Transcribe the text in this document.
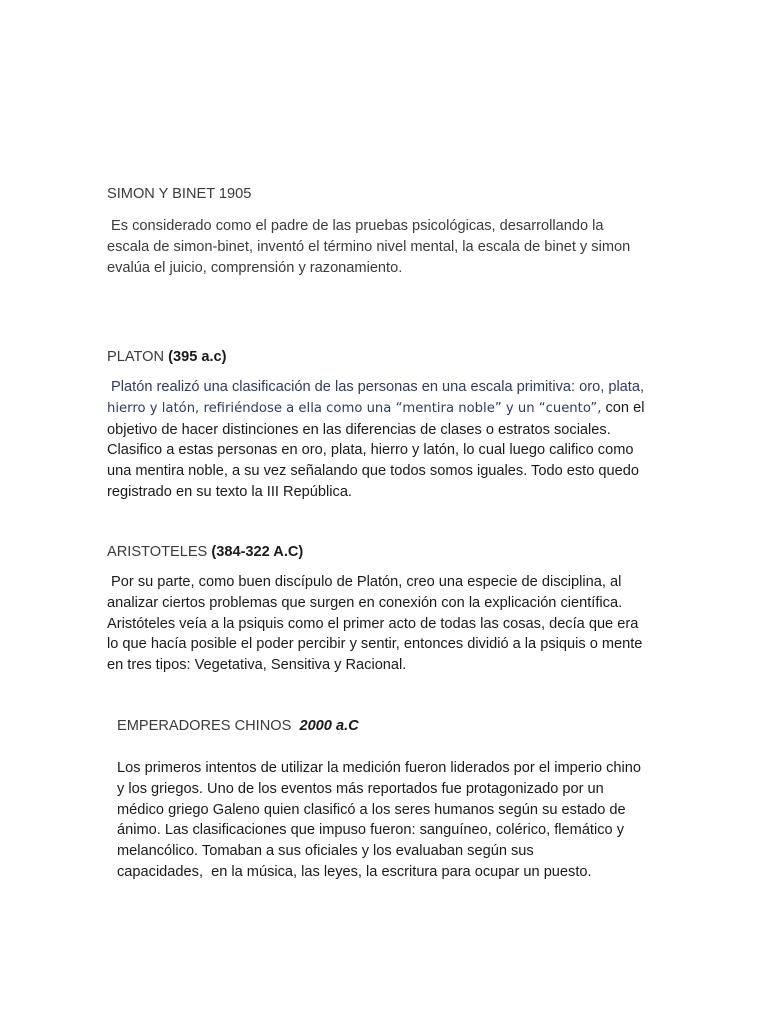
SIMON Y BINET 1905

Es considerado como el padre de las pruebas psicológicas, desarrollando la

escala de simon-binet, inventó el término nivel mental, la escala de binet y simon

evalúa el juicio, comprensión y razonamiento.

PLATON (395 a.c)

Platón realizó una clasificación de las personas en una escala primitiva: oro, plata,

hierro y latón, refiriéndose a ella como una “mentira noble” y un “cuento”, con el

objetivo de hacer distinciones en las diferencias de clases o estratos sociales.

Clasifico a estas personas en oro, plata, hierro y latón, lo cual luego califico como

una mentira noble, a su vez señalando que todos somos iguales. Todo esto quedo

registrado en su texto la III República.

ARISTOTELES (384-322 A.C)

Por su parte, como buen discípulo de Platón, creo una especie de disciplina, al

analizar ciertos problemas que surgen en conexión con la explicación científica.

Aristóteles veía a la psiquis como el primer acto de todas las cosas, decía que era

lo que hacía posible el poder percibir y sentir, entonces dividió a la psiquis o mente

en tres tipos: Vegetativa, Sensitiva y Racional.

EMPERADORES CHINOS  2000 a.C

Los primeros intentos de utilizar la medición fueron liderados por el imperio chino

y los griegos. Uno de los eventos más reportados fue protagonizado por un

médico griego Galeno quien clasificó a los seres humanos según su estado de

ánimo. Las clasificaciones que impuso fueron: sanguíneo, colérico, flemático y

melancólico. Tomaban a sus oficiales y los evaluaban según sus

capacidades,  en la música, las leyes, la escritura para ocupar un puesto.
